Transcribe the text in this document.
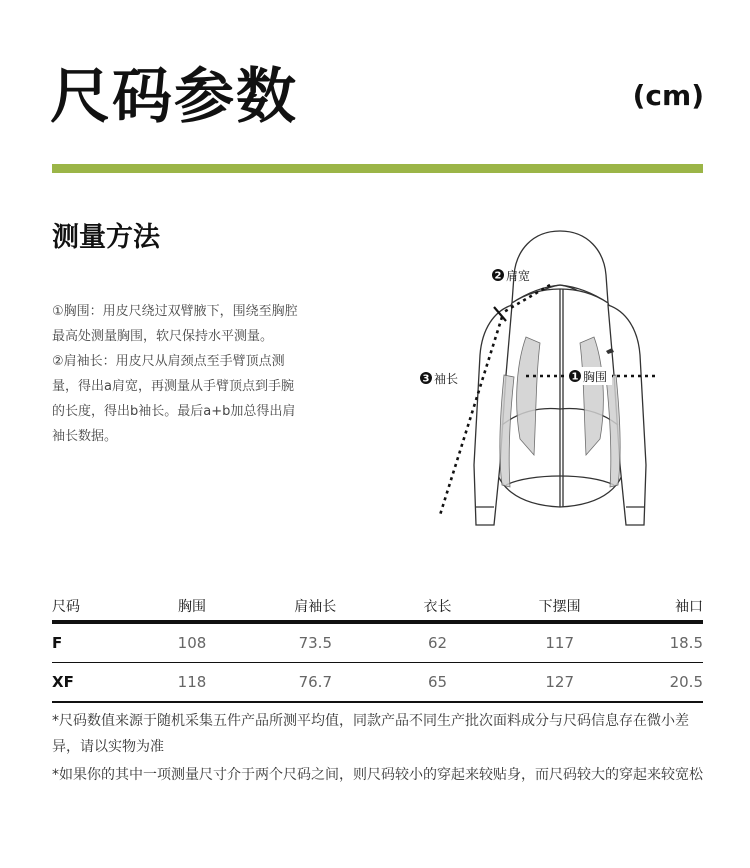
尺码参数	(cm)
测量方法

①胸围：用皮尺绕过双臂腋下，围绕至胸腔最高处测量胸围，软尺保持水平测量。

②肩袖长：用皮尺从肩颈点至手臂顶点测量，得出a肩宽，再测量从手臂顶点到手腕的长度，得出b袖长。最后a+b加总得出肩袖长数据。

2 肩宽
3 袖长	1 胸围
尺码	胸围	肩袖长	衣长	下摆围	袖口
F	108	73.5	62	117	18.5
XF	118	76.7	65	127	20.5

*尺码数值来源于随机采集五件产品所测平均值，同款产品不同生产批次面料成分与尺码信息存在微小差异，请以实物为准

*如果你的其中一项测量尺寸介于两个尺码之间，则尺码较小的穿起来较贴身，而尺码较大的穿起来较宽松
